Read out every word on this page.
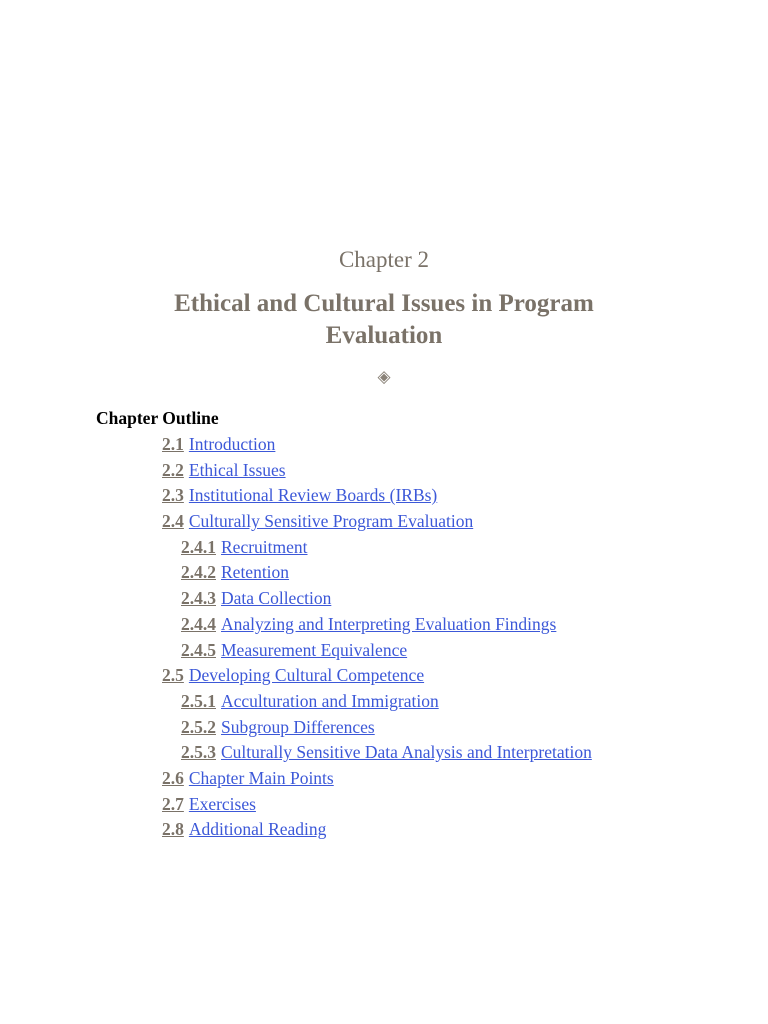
Chapter 2
Ethical and Cultural Issues in Program Evaluation
◈
Chapter Outline
2.1 Introduction
2.2 Ethical Issues
2.3 Institutional Review Boards (IRBs)
2.4 Culturally Sensitive Program Evaluation
2.4.1 Recruitment
2.4.2 Retention
2.4.3 Data Collection
2.4.4 Analyzing and Interpreting Evaluation Findings
2.4.5 Measurement Equivalence
2.5 Developing Cultural Competence
2.5.1 Acculturation and Immigration
2.5.2 Subgroup Differences
2.5.3 Culturally Sensitive Data Analysis and Interpretation
2.6 Chapter Main Points
2.7 Exercises
2.8 Additional Reading
